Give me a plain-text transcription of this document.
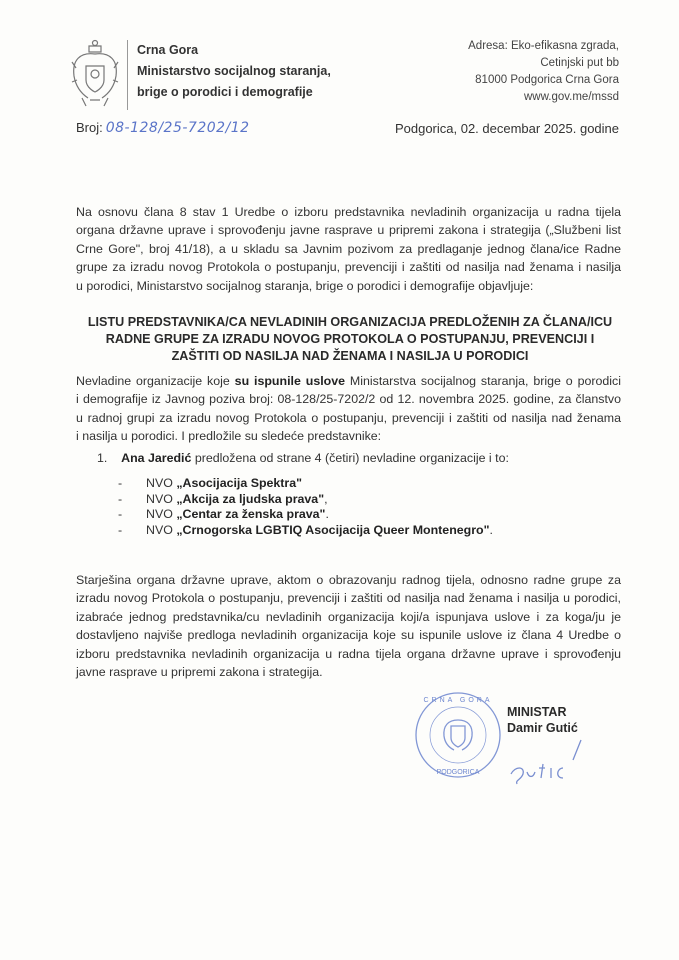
Crna Gora
Ministarstvo socijalnog staranja,
brige o porodici i demografije
Adresa: Eko-efikasna zgrada,
Cetinjski put bb
81000 Podgorica Crna Gora
www.gov.me/mssd
Broj: 08-128/25-7202/12	Podgorica, 02. decembar 2025. godine
Na osnovu člana 8 stav 1 Uredbe o izboru predstavnika nevladinih organizacija u radna tijela
organa državne uprave i sprovođenju javne rasprave u pripremi zakona i strategija („Službeni list
Crne Gore", broj 41/18), a u skladu sa Javnim pozivom za predlaganje jednog člana/ice Radne
grupe za izradu novog Protokola o postupanju, prevenciji i zaštiti od nasilja nad ženama i nasilja
u porodici, Ministarstvo socijalnog staranja, brige o porodici i demografije objavljuje:
LISTU PREDSTAVNIKA/CA NEVLADINIH ORGANIZACIJA PREDLOŽENIH ZA ČLANA/ICU
RADNE GRUPE ZA IZRADU NOVOG PROTOKOLA O POSTUPANJU, PREVENCIJI I
ZAŠTITI OD NASILJA NAD ŽENAMA I NASILJA U PORODICI
Nevladine organizacije koje su ispunile uslove Ministarstva socijalnog staranja, brige o porodici
i demografije iz Javnog poziva broj: 08-128/25-7202/2 od 12. novembra 2025. godine, za članstvo
u radnoj grupi za izradu novog Protokola o postupanju, prevenciji i zaštiti od nasilja nad ženama
i nasilja u porodici. I predložile su sledeće predstavnike:
1. Ana Jaredić predložena od strane 4 (četiri) nevladine organizacije i to:
-	NVO
„Asocijacija Spektra"
-	NVO
„Akcija za ljudska prava" ,
-	NVO
„Centar za ženska prava" .
-	NVO
„Crnogorska LGBTIQ Asocijacija Queer Montenegro" .
Starješina organa državne uprave, aktom o obrazovanju radnog tijela, odnosno radne grupe za
izradu novog Protokola o postupanju, prevenciji i zaštiti od nasilja nad ženama i nasilja u porodici,
izabraće jednog predstavnika/cu nevladinih organizacija koji/a ispunjava uslove i za koga/ju je
dostavljeno najviše predloga nevladinih organizacija koje su ispunile uslove iz člana 4 Uredbe o
izboru predstavnika nevladinih organizacija u radna tijela organa državne uprave i sprovođenju
javne rasprave u pripremi zakona i strategija.
PODGORICA
CRNA GORA
MINISTAR
Damir Gutić
